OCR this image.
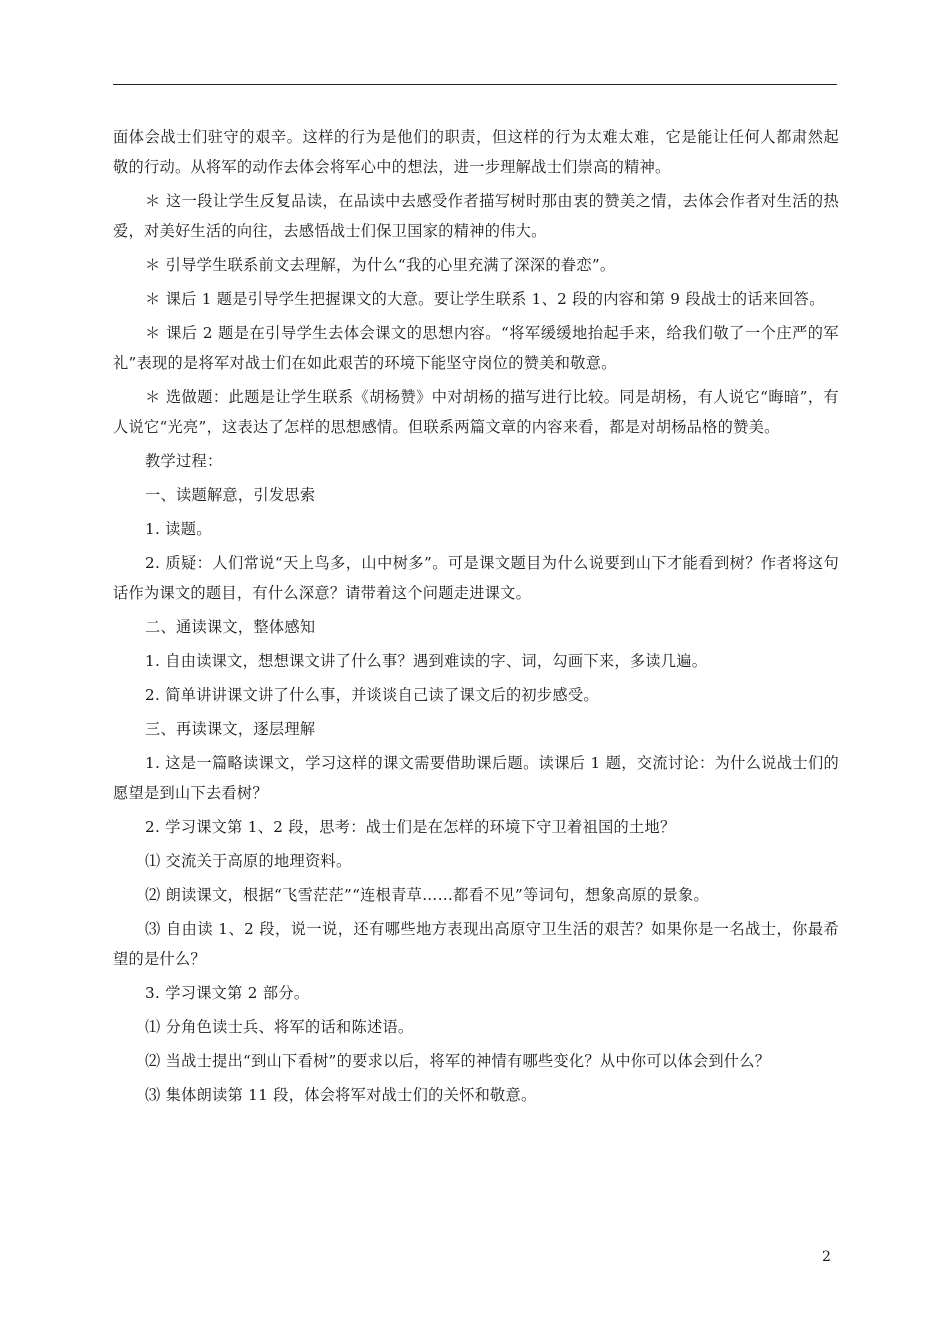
面体会战士们驻守的艰辛。这样的行为是他们的职责，但这样的行为太难太难，它是能让任何人都肃然起敬的行动。从将军的动作去体会将军心中的想法，进一步理解战士们崇高的精神。

＊ 这一段让学生反复品读，在品读中去感受作者描写树时那由衷的赞美之情，去体会作者对生活的热爱，对美好生活的向往，去感悟战士们保卫国家的精神的伟大。

＊ 引导学生联系前文去理解，为什么“我的心里充满了深深的眷恋”。

＊ 课后 1 题是引导学生把握课文的大意。要让学生联系 1、2 段的内容和第 9 段战士的话来回答。

＊ 课后 2 题是在引导学生去体会课文的思想内容。“将军缓缓地抬起手来，给我们敬了一个庄严的军礼”表现的是将军对战士们在如此艰苦的环境下能坚守岗位的赞美和敬意。

＊ 选做题：此题是让学生联系《胡杨赞》中对胡杨的描写进行比较。同是胡杨，有人说它“晦暗”，有人说它“光亮”，这表达了怎样的思想感情。但联系两篇文章的内容来看，都是对胡杨品格的赞美。

教学过程：

一、读题解意，引发思索

1. 读题。

2. 质疑：人们常说“天上鸟多，山中树多”。可是课文题目为什么说要到山下才能看到树？作者将这句话作为课文的题目，有什么深意？请带着这个问题走进课文。

二、通读课文，整体感知

1. 自由读课文，想想课文讲了什么事？遇到难读的字、词，勾画下来，多读几遍。

2. 简单讲讲课文讲了什么事，并谈谈自己读了课文后的初步感受。

三、再读课文，逐层理解

1. 这是一篇略读课文，学习这样的课文需要借助课后题。读课后 1 题，交流讨论：为什么说战士们的愿望是到山下去看树？

2. 学习课文第 1、2 段，思考：战士们是在怎样的环境下守卫着祖国的土地？

⑴ 交流关于高原的地理资料。

⑵ 朗读课文，根据“飞雪茫茫”“连根青草……都看不见”等词句，想象高原的景象。

⑶ 自由读 1、2 段，说一说，还有哪些地方表现出高原守卫生活的艰苦？如果你是一名战士，你最希望的是什么？

3. 学习课文第 2 部分。

⑴ 分角色读士兵、将军的话和陈述语。

⑵ 当战士提出“到山下看树”的要求以后，将军的神情有哪些变化？从中你可以体会到什么？

⑶ 集体朗读第 11 段，体会将军对战士们的关怀和敬意。

2
